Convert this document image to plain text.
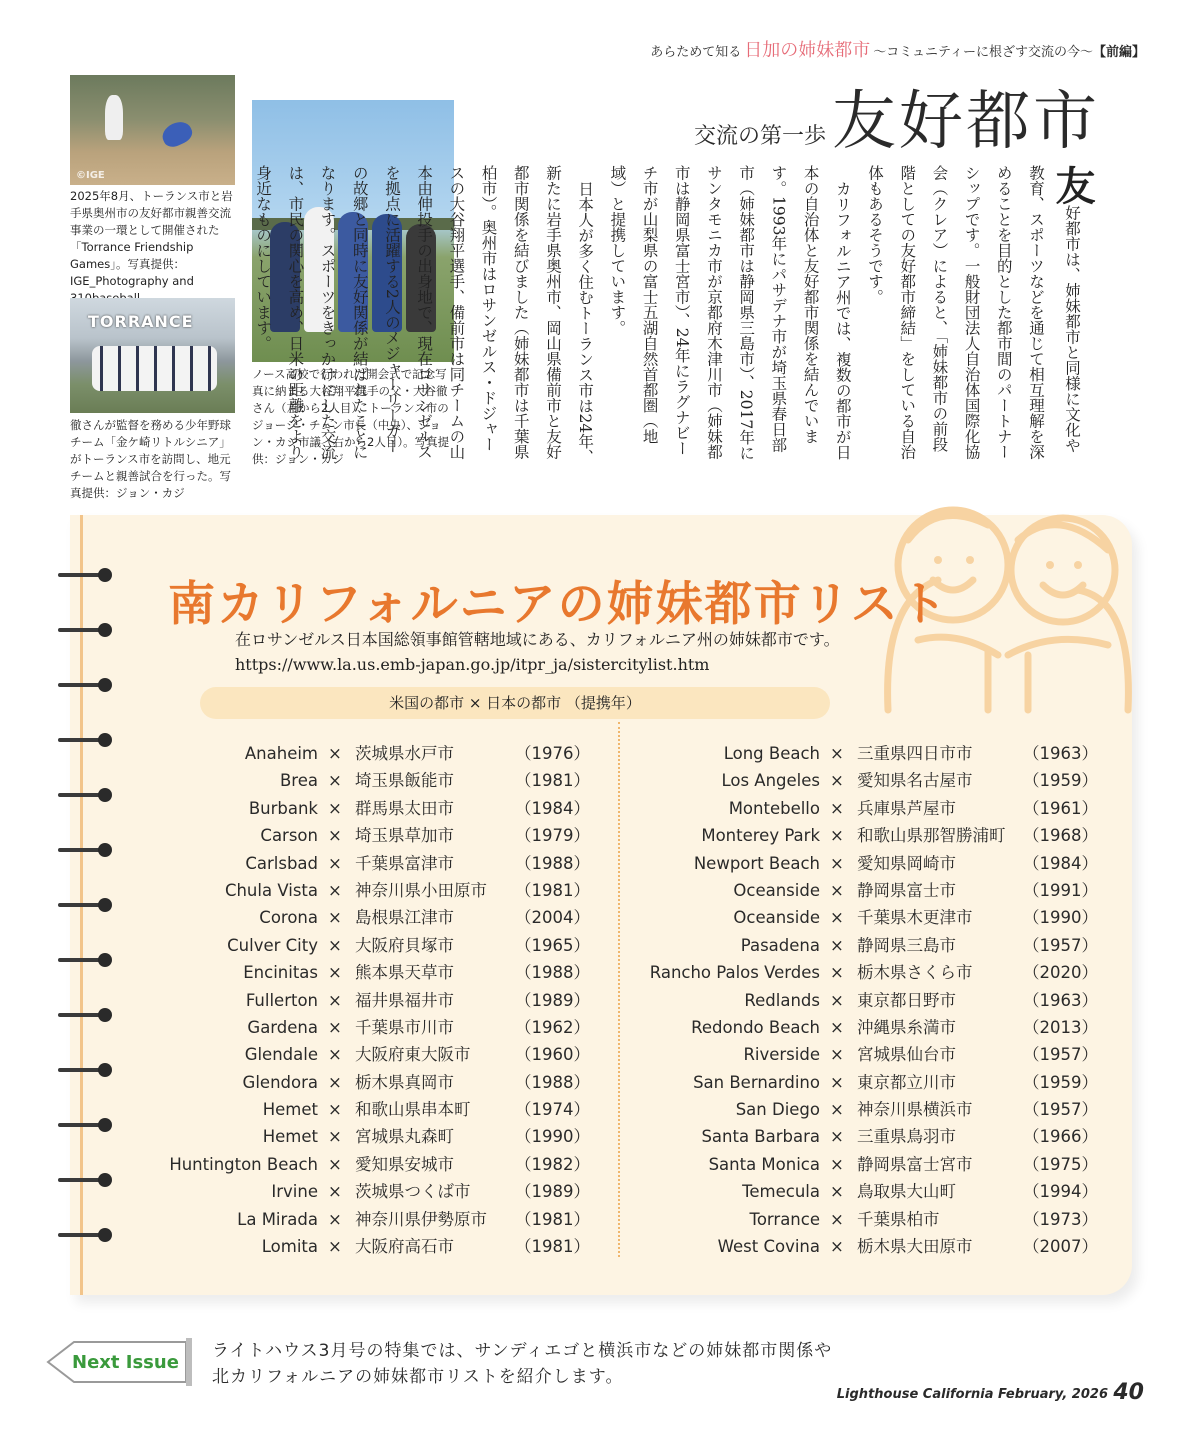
あらためて知る 日加の姉妹都市 〜コミュニティーに根ざす交流の今〜【前編】
交流の第一歩 友好都市
©IGE
2025年8月、トーランス市と岩手県奥州市の友好都市親善交流事業の一環として開催された「Torrance Friendship Games」。写真提供：IGE_Photography and
TORRANCE
徹さんが監督を務める少年野球チーム「金ケ崎リトルシニア」がトーランス市を訪問し、地元チームと親善試合を行った。写真提供：ジョン・カジ
ノース高校で行われた開会式で記念写真に納まる大谷翔平選手の父・大谷徹さん（左から2人目）、トーランス市のジョージ・チェン市長（中央）、ジョン・カジ市議（右から2人目）。写真提供：ジョン・カジ
友好都市は、姉妹都市と同様に文化や教育、スポーツなどを通じて相互理解を深めることを目的とした都市間のパートナーシップです。一般財団法人自治体国際化協会（クレア）によると、「姉妹都市の前段階としての友好都市締結」をしている自治体もあるそうです。
カリフォルニア州では、複数の都市が日本の自治体と友好都市関係を結んでいます。1993年にパサデナ市が埼玉県春日部市（姉妹都市は静岡県三島市）、2017年にサンタモニカ市が京都府木津川市（姉妹都市は静岡県富士宮市）、24年にラグナビーチ市が山梨県の富士五湖自然首都圏（地域）と提携しています。
日本人が多く住むトーランス市は24年、新たに岩手県奥州市、岡山県備前市と友好都市関係を結びました（姉妹都市は千葉県柏市）。奥州市はロサンゼルス・ドジャースの大谷翔平選手、備前市は同チームの山本由伸投手の出身地で、現在ロサンゼルスを拠点に活躍する2人のメジャーリーガーの故郷と同時に友好関係が結ばれたことになります。スポーツをきっかけにした交流は、市民の関心を高め、日米の距離をより身近なものにしています。
南カリフォルニアの姉妹都市リスト
在ロサンゼルス日本国総領事館管轄地域にある、カリフォルニア州の姉妹都市です。
https://www.la.us.emb-japan.go.jp/itpr_ja/sistercitylist.htm
米国の都市 × 日本の都市 （提携年）
Anaheim × 茨城県水戸市	（1976）
Brea × 埼玉県飯能市	（1981）
Burbank × 群馬県太田市	（1984）
Carson × 埼玉県草加市	（1979）
Carlsbad × 千葉県富津市	（1988）
Chula Vista × 神奈川県小田原市 （1981）
Corona × 島根県江津市	（2004）
Culver City × 大阪府貝塚市	（1965）
Encinitas × 熊本県天草市	（1988）
Fullerton × 福井県福井市	（1989）
Gardena × 千葉県市川市	（1962）
Glendale × 大阪府東大阪市	（1960）
Glendora × 栃木県真岡市	（1988）
Hemet × 和歌山県串本町	（1974）
Hemet × 宮城県丸森町	（1990）
Huntington Beach × 愛知県安城市	（1982）
Irvine × 茨城県つくば市	（1989）
La Mirada × 神奈川県伊勢原市 （1981）
Lomita × 大阪府高石市	（1981）
Long Beach × 三重県四日市市	（1963）
Los Angeles × 愛知県名古屋市	（1959）
Montebello × 兵庫県芦屋市	（1961）
Monterey Park × 和歌山県那智勝浦町 （1968）
Newport Beach × 愛知県岡崎市	（1984）
Oceanside × 静岡県富士市	（1991）
Oceanside × 千葉県木更津市	（1990）
Pasadena × 静岡県三島市	（1957）
Rancho Palos Verdes × 栃木県さくら市	（2020）
Redlands × 東京都日野市	（1963）
Redondo Beach × 沖縄県糸満市	（2013）
Riverside × 宮城県仙台市	（1957）
San Bernardino × 東京都立川市	（1959）
San Diego × 神奈川県横浜市	（1957）
Santa Barbara × 三重県鳥羽市	（1966）
Santa Monica × 静岡県富士宮市	（1975）
Temecula × 鳥取県大山町	（1994）
Torrance × 千葉県柏市	（1973）
West Covina × 栃木県大田原市	（2007）
Next Issue
ライトハウス3月号の特集では、サンディエゴと横浜市などの姉妹都市関係や
北カリフォルニアの姉妹都市リストを紹介します。
Lighthouse California February, 2026 40
